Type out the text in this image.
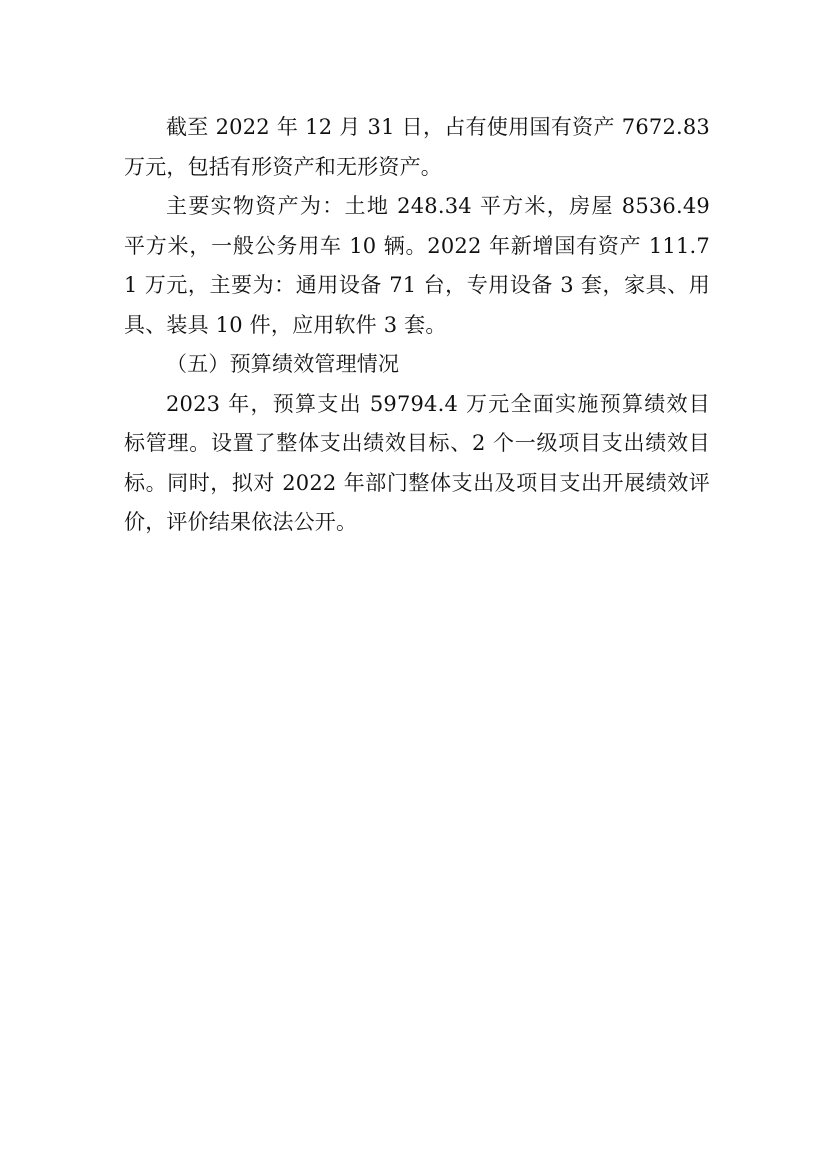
截至 2022 年 12 月 31 日，占有使用国有资产 7672.83 万元，包括有形资产和无形资产。

主要实物资产为：土地 248.34 平方米，房屋 8536.49 平方米，一般公务用车 10 辆。2022 年新增国有资产 111.71 万元，主要为：通用设备 71 台，专用设备 3 套，家具、用具、装具 10 件，应用软件 3 套。

（五）预算绩效管理情况

2023 年，预算支出 59794.4 万元全面实施预算绩效目标管理。设置了整体支出绩效目标、2 个一级项目支出绩效目标。同时，拟对 2022 年部门整体支出及项目支出开展绩效评价，评价结果依法公开。
